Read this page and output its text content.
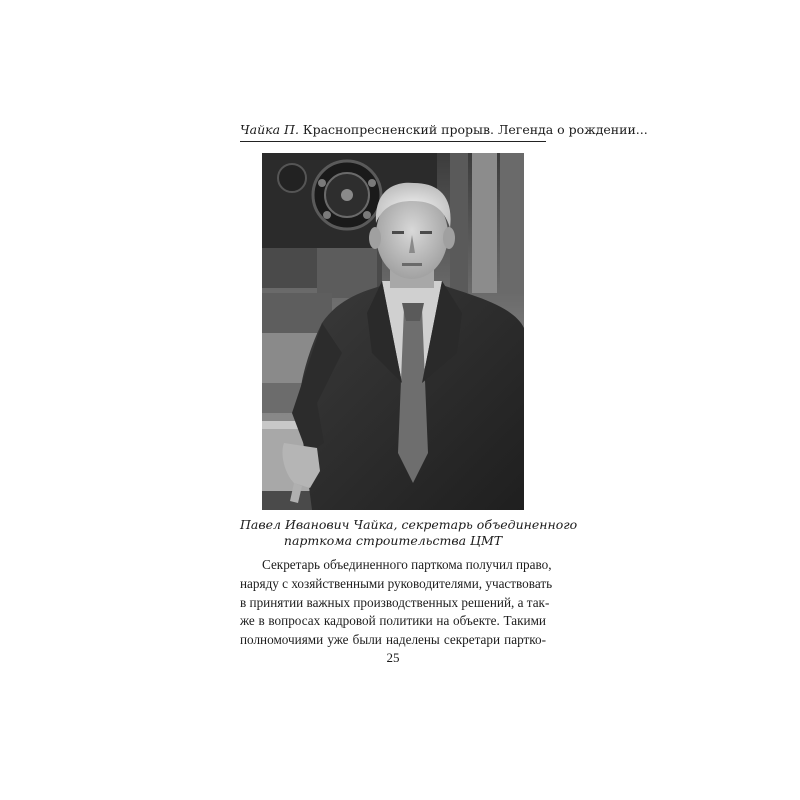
Чайка П. Краснопресненский прорыв. Легенда о рождении...
Павел Иванович Чайка, секретарь объединенного
парткома строительства ЦМТ
Секретарь объединенного парткома получил право,
наряду с хозяйственными руководителями, участвовать
в принятии важных производственных решений, а так-
же в вопросах кадровой политики на объекте. Такими
полномочиями уже были наделены секретари партко-
25
